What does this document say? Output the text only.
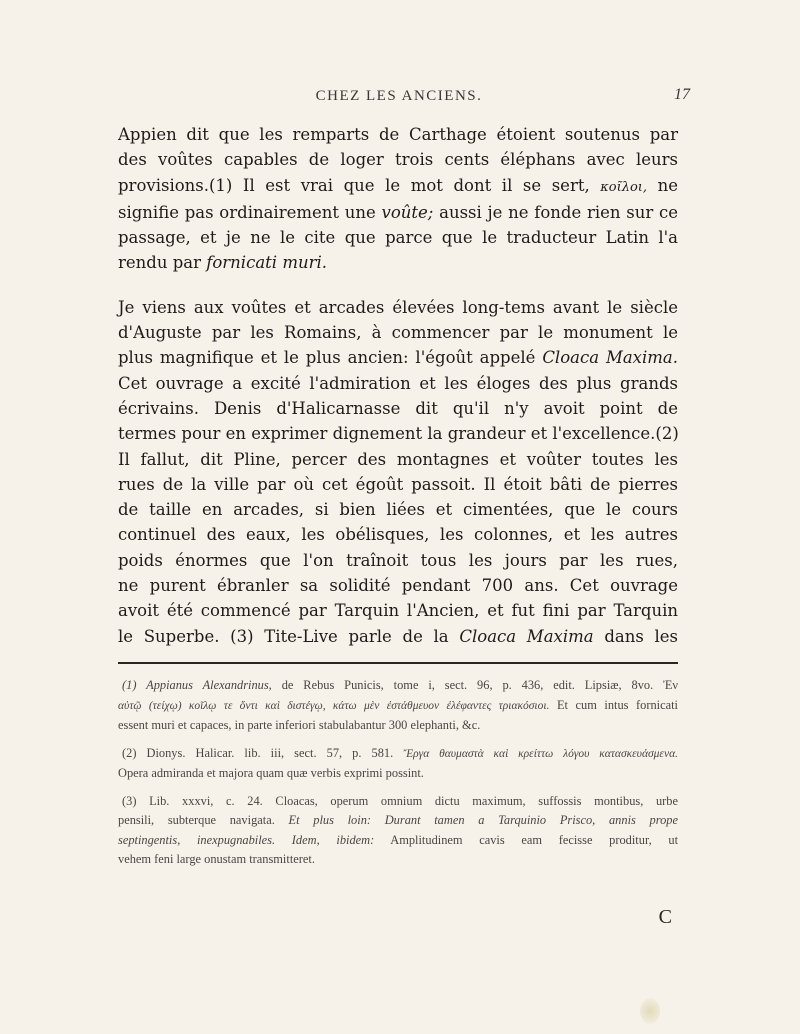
CHEZ LES ANCIENS.	17

Appien dit que les remparts de Carthage étoient soutenus par
des voûtes capables de loger trois cents éléphans avec leurs
provisions.(1) Il est vrai que le mot dont il se sert, κοῖλοι, ne
signifie pas ordinairement une voûte; aussi je ne fonde rien sur ce
passage, et je ne le cite que parce que le traducteur Latin l'a
rendu par fornicati muri.

Je viens aux voûtes et arcades élevées long-tems avant le siècle
d'Auguste par les Romains, à commencer par le monument le
plus magnifique et le plus ancien: l'égoût appelé Cloaca Maxima.
Cet ouvrage a excité l'admiration et les éloges des plus grands
écrivains. Denis d'Halicarnasse dit qu'il n'y avoit point de
termes pour en exprimer dignement la grandeur et l'excellence.(2)
Il fallut, dit Pline, percer des montagnes et voûter toutes les
rues de la ville par où cet égoût passoit. Il étoit bâti de pierres
de taille en arcades, si bien liées et cimentées, que le cours
continuel des eaux, les obélisques, les colonnes, et les autres
poids énormes que l'on traînoit tous les jours par les rues,
ne purent ébranler sa solidité pendant 700 ans. Cet ouvrage
avoit été commencé par Tarquin l'Ancien, et fut fini par Tarquin
le Superbe. (3) Tite-Live parle de la Cloaca Maxima dans les

(1) Appianus Alexandrinus, de Rebus Punicis, tome i, sect. 96, p. 436, edit. Lipsiæ, 8vo. Ἐν
αὐτῷ (τείχῳ) κοῖλῳ τε ὄντι καὶ διστέγῳ, κάτω μὲν ἐστάθμευον ἐλέφαντες τριακόσιοι. Et cum intus fornicati
essent muri et capaces, in parte inferiori stabulabantur 300 elephanti, &c.
(2) Dionys. Halicar. lib. iii, sect. 57, p. 581. Ἔργα θαυμαστὰ καὶ κρείττω λόγου κατασκευάσμενα.
Opera admiranda et majora quam quæ verbis exprimi possint.
(3) Lib. xxxvi, c. 24. Cloacas, operum omnium dictu maximum, suffossis montibus, urbe
pensili, subterque navigata. Et plus loin: Durant tamen a Tarquinio Prisco, annis prope
septingentis, inexpugnabiles. Idem, ibidem: Amplitudinem cavis eam fecisse proditur, ut
vehem feni large onustam transmitteret.
C
